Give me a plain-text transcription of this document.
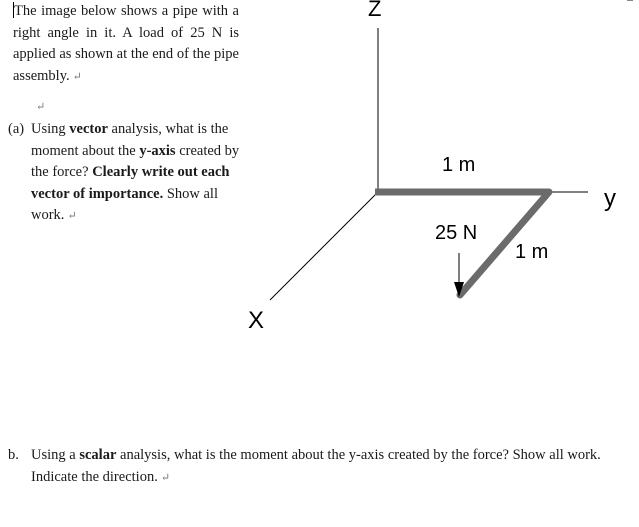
The image below shows a pipe with a right angle in it. A load of 25 N is applied as shown at the end of the pipe assembly. ↵
↵
(a) Using vector analysis, what is the moment about the y-axis created by the force? Clearly write out each vector of importance. Show all work. ↵
Z
y
X
1 m
1 m
25 N
b. Using a scalar analysis, what is the moment about the y-axis created by the force? Show all work. Indicate the direction. ↵
